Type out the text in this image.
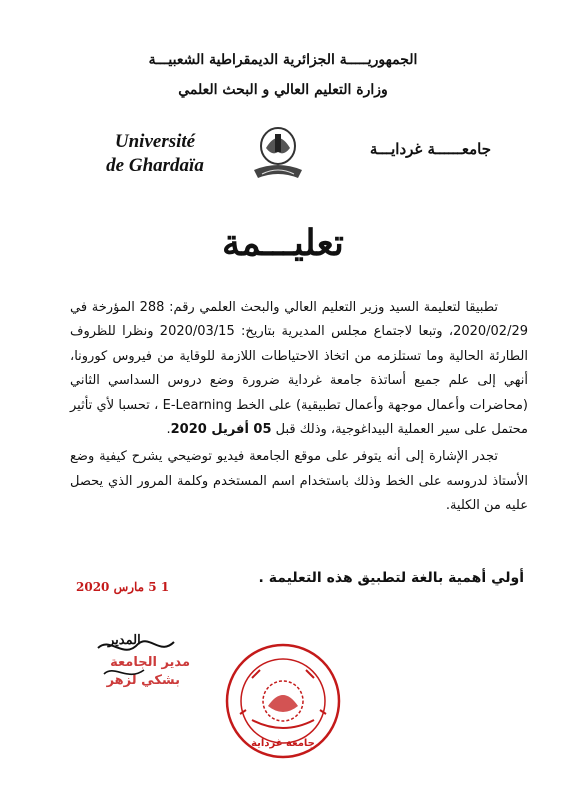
الجمهوريـــــة الجزائرية الديمقراطية الشعبيـــة
وزارة التعليم العالي و البحث العلمي
Université
de Ghardaïa
جامعــــــة غردايـــة
تعليـــمة

تطبيقا لتعليمة السيد وزير التعليم العالي والبحث العلمي رقم: 288 المؤرخة في 2020/02/29، وتبعا لاجتماع مجلس المديرية بتاريخ: 2020/03/15 ونظرا للظروف الطارئة الحالية وما تستلزمه من اتخاذ الاحتياطات اللازمة للوقاية من فيروس كورونا، أنهي إلى علم جميع أساتذة جامعة غرداية ضرورة وضع دروس السداسي الثاني (محاضرات وأعمال موجهة وأعمال تطبيقية) على الخط E-Learning ، تحسبا لأي تأثير محتمل على سير العملية البيداغوجية، وذلك قبل 05 أفريل 2020.

تجدر الإشارة إلى أنه يتوفر على موقع الجامعة فيديو توضيحي يشرح كيفية وضع الأستاذ لدروسه على الخط وذلك باستخدام اسم المستخدم وكلمة المرور الذي يحصل عليه من الكلية.

أولي أهمية بالغة لتطبيق هذه التعليمة .
1 5 مارس 2020
المدير
مدير الجامعة
بشكي لزهر
جامعة غرداية
